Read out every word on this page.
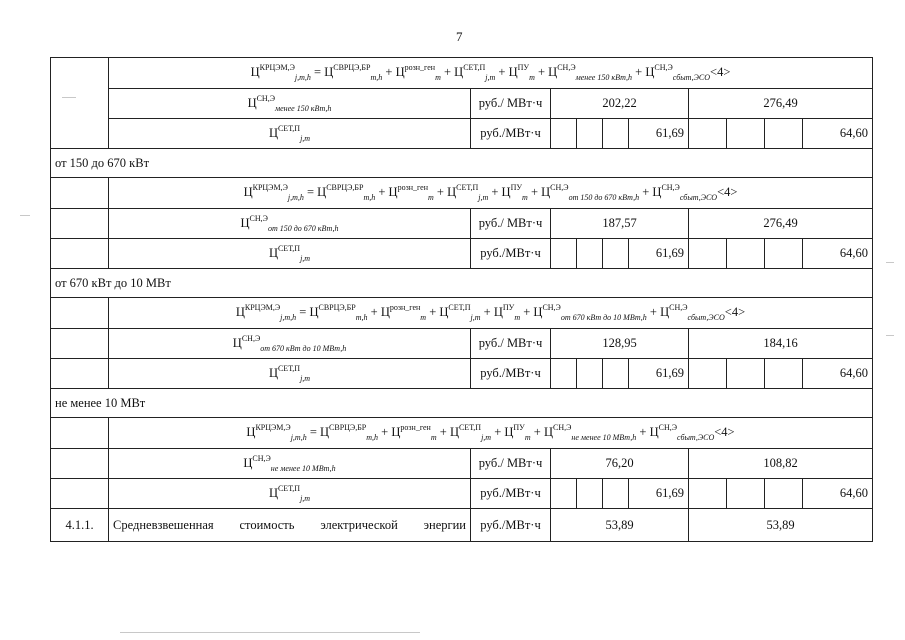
7
	$Ц^{КРЦЭМ,Э}_{j,m,h} = Ц^{СВРЦЭ,БР}_{m,h} + Ц^{розн\_ген}_m + Ц^{СЕТ,П}_{j,m} + Ц^{ПУ}_m + Ц^{СН,Э}_{менее 150 кВт,h} + Ц^{СН,Э}_{сбыт,ЭСО}<4>$									
	$Ц^{СН,Э}_{менее 150 кВт,h}$	руб./ МВт·ч	202,22				276,49			
	$Ц^{СЕТ,П}_{j,m}$	руб./МВт·ч				61,69				64,60
от 150 до 670 кВт										
	$Ц^{КРЦЭМ,Э}_{j,m,h} = Ц^{СВРЦЭ,БР}_{m,h} + Ц^{розн\_ген}_m + Ц^{СЕТ,П}_{j,m} + Ц^{ПУ}_m + Ц^{СН,Э}_{от 150 до 670 кВт,h} + Ц^{СН,Э}_{сбыт,ЭСО}<4>$									
	$Ц^{СН,Э}_{от 150 до 670 кВт,h}$	руб./ МВт·ч	187,57				276,49			
	$Ц^{СЕТ,П}_{j,m}$	руб./МВт·ч				61,69				64,60
от 670 кВт до 10 МВт										
	$Ц^{КРЦЭМ,Э}_{j,m,h} = Ц^{СВРЦЭ,БР}_{m,h} + Ц^{розн\_ген}_m + Ц^{СЕТ,П}_{j,m} + Ц^{ПУ}_m + Ц^{СН,Э}_{от 670 кВт до 10 МВт,h} + Ц^{СН,Э}_{сбыт,ЭСО}<4>$									
	$Ц^{СН,Э}_{от 670 кВт до 10 МВт,h}$	руб./ МВт·ч	128,95				184,16			
	$Ц^{СЕТ,П}_{j,m}$	руб./МВт·ч				61,69				64,60
не менее 10 МВт										
	$Ц^{КРЦЭМ,Э}_{j,m,h} = Ц^{СВРЦЭ,БР}_{m,h} + Ц^{розн\_ген}_m + Ц^{СЕТ,П}_{j,m} + Ц^{ПУ}_m + Ц^{СН,Э}_{не менее 10 МВт,h} + Ц^{СН,Э}_{сбыт,ЭСО}<4>$									
	$Ц^{СН,Э}_{не менее 10 МВт,h}$	руб./ МВт·ч	76,20				108,82			
	$Ц^{СЕТ,П}_{j,m}$	руб./МВт·ч				61,69				64,60
4.1.1.	Средневзвешенная стоимость электрической энергии	руб./МВт·ч	53,89				53,89			
